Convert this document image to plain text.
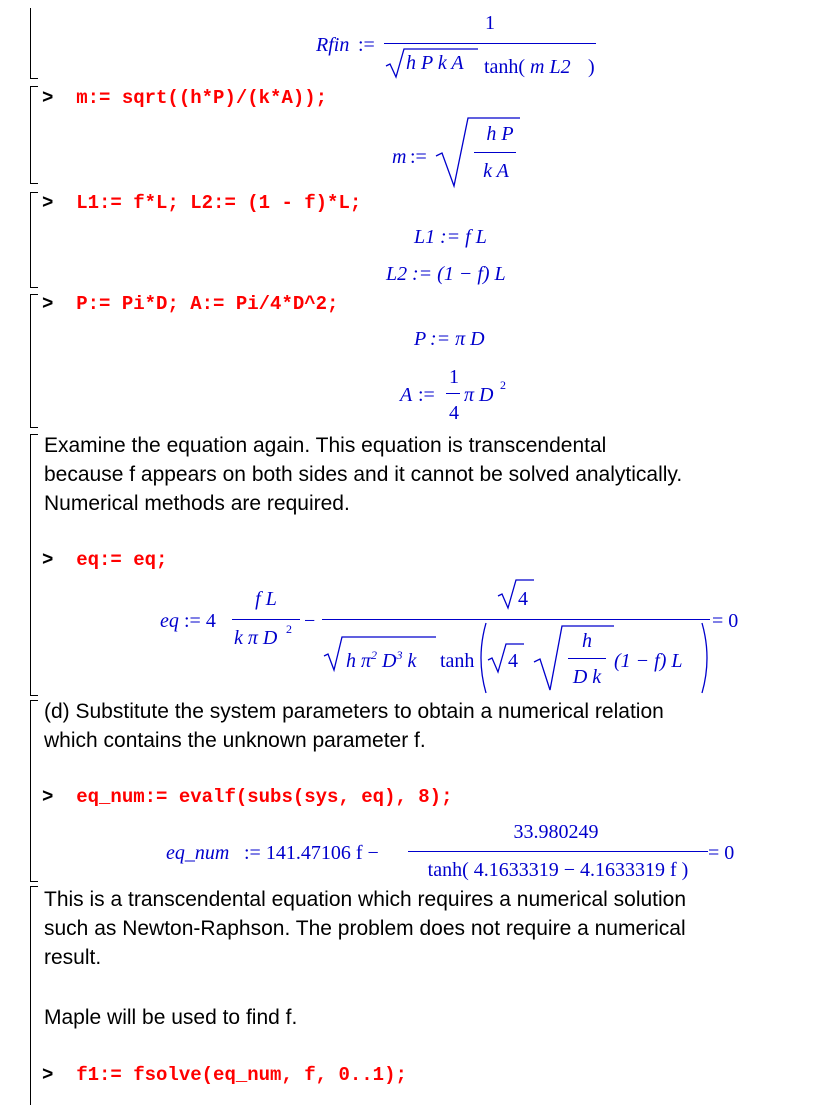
Rfin :=
1
h P k A tanh( m L2 )
> m:= sqrt((h*P)/(k*A));
m :=
h P
k A
> L1:= f*L; L2:= (1 - f)*L;
L1 := f L
L2 := (1 − f) L
> P:= Pi*D; A:= Pi/4*D^2;
P := π D
A :=
1
4
π D 2
Examine the equation again. This equation is transcendental because f appears on both sides and it cannot be solved analytically. Numerical methods are required.
> eq:= eq;
eq := 4
f L
k π D 2 −
4
h $\pi^2$ $D^3$ k tanh 4
h
D k
(1 − f) L
= 0
(d) Substitute the system parameters to obtain a numerical relation which contains the unknown parameter f.
> eq_num:= evalf(subs(sys, eq), 8);
eq_num := 141.47106 f −
33.980249
tanh( 4.1633319 − 4.1633319 f )
= 0
This is a transcendental equation which requires a numerical solution such as Newton-Raphson. The problem does not require a numerical result.
Maple will be used to find f.
> f1:= fsolve(eq_num, f, 0..1);
